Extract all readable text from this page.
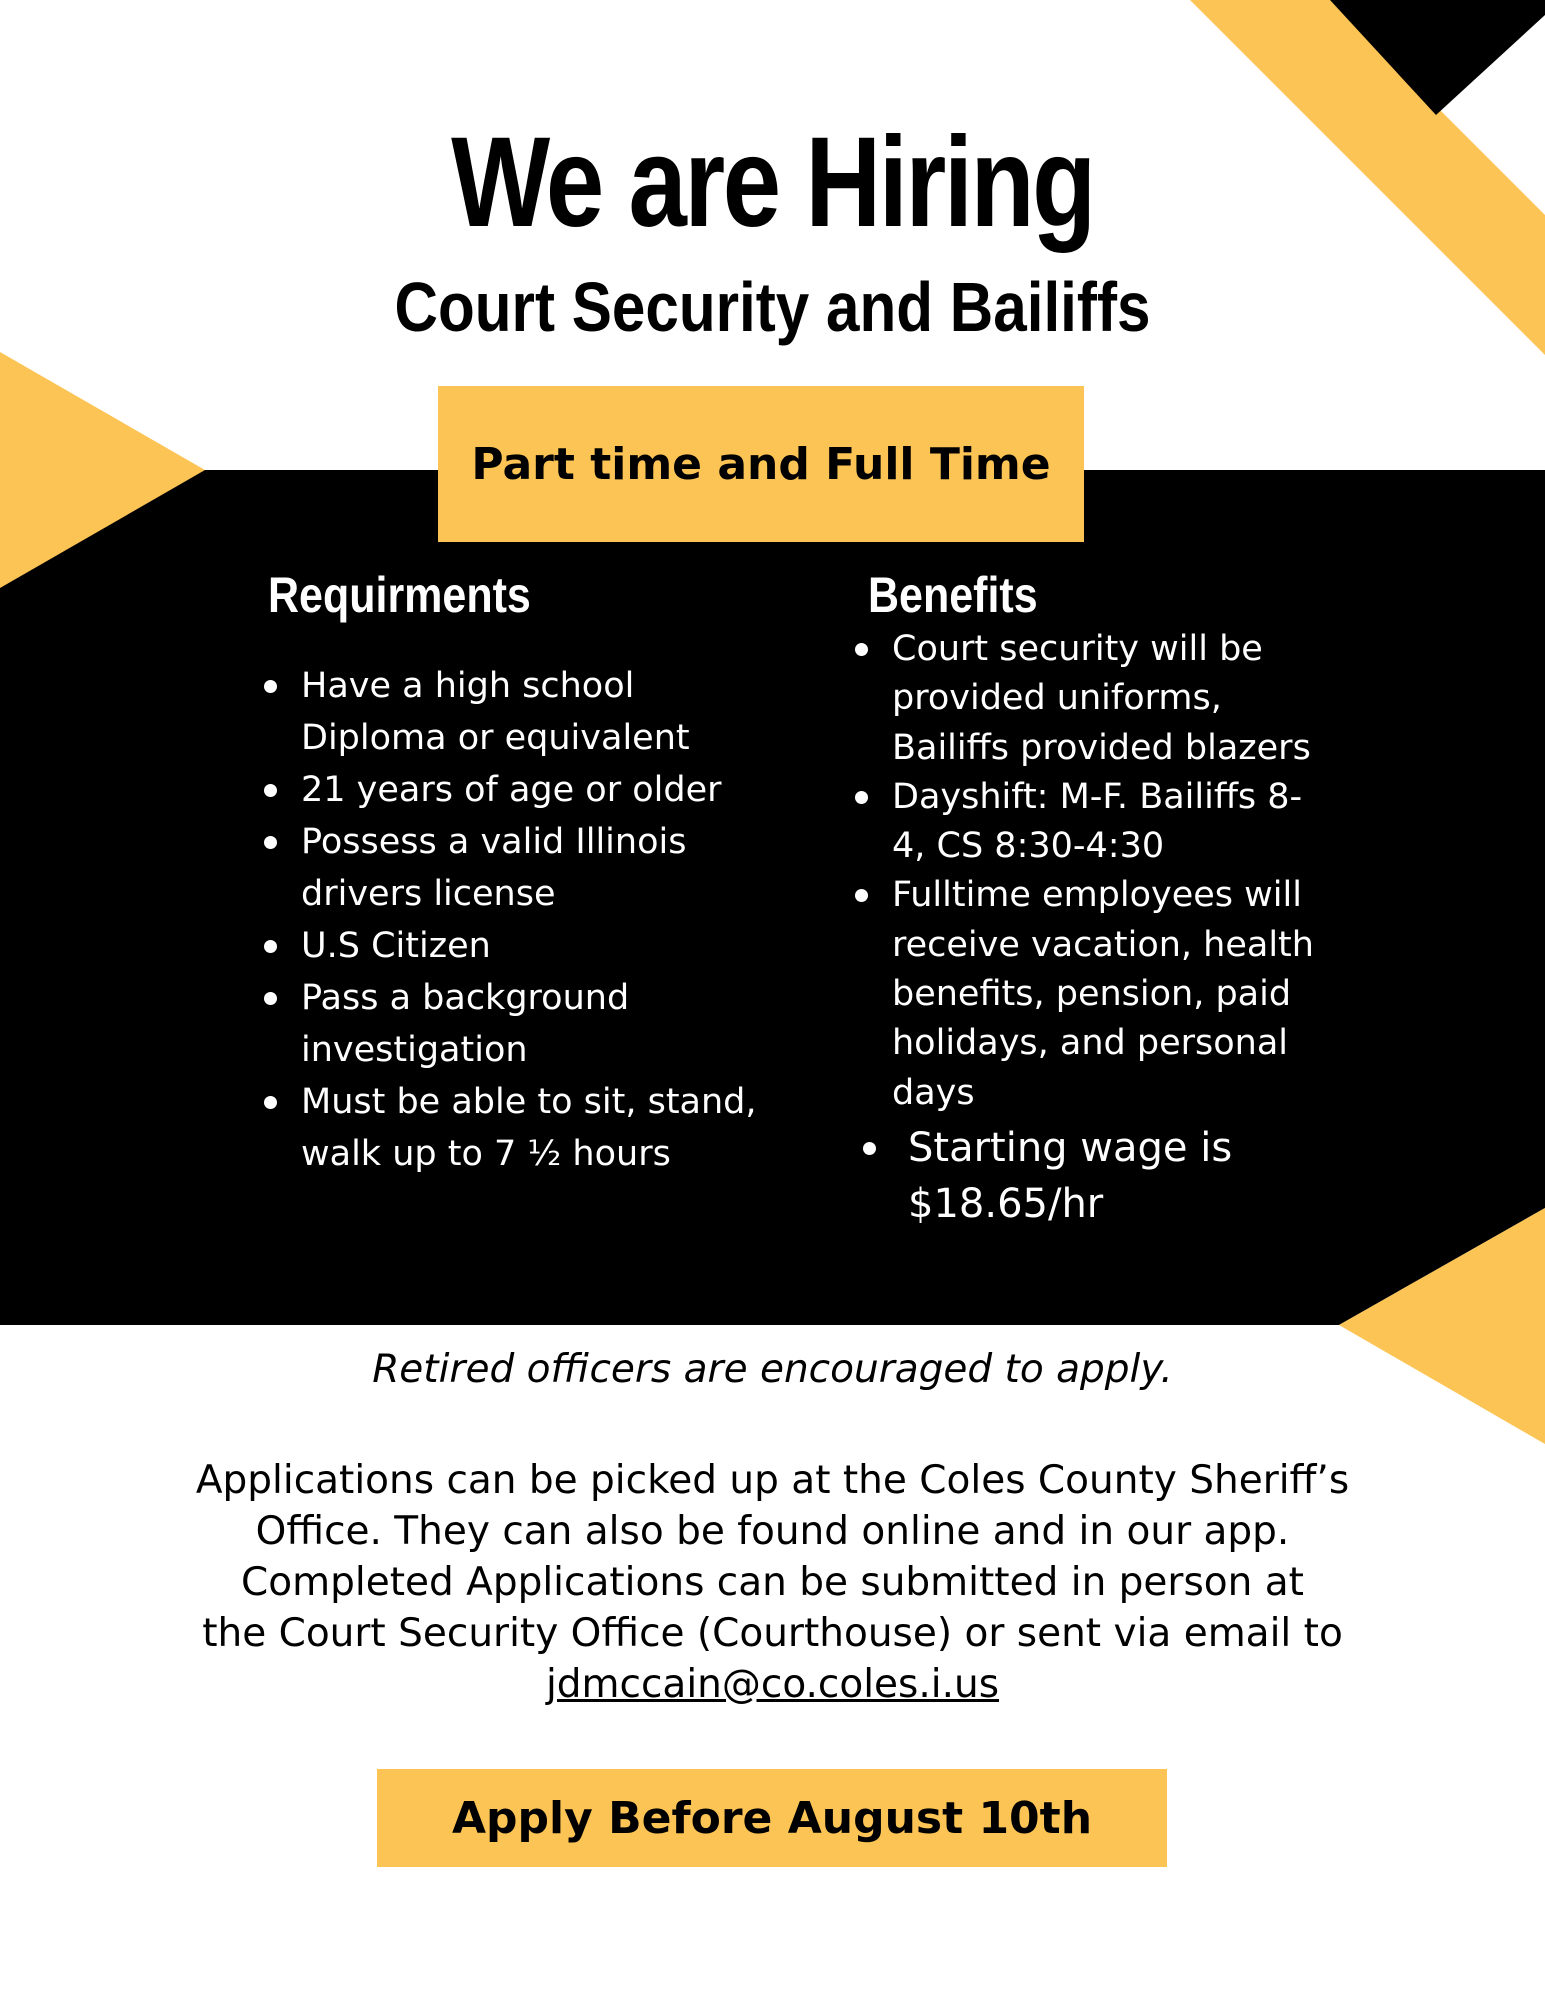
We are Hiring
Court Security and Bailiffs
Part time and Full Time
Requirments
Have a high school Diploma or equivalent
21 years of age or older
Possess a valid Illinois drivers license
U.S Citizen
Pass a background investigation
Must be able to sit, stand, walk up to 7 ½ hours
Benefits
Court security will be provided uniforms, Bailiffs provided blazers
Dayshift: M-F. Bailiffs 8-4, CS 8:30-4:30
Fulltime employees will receive vacation, health benefits, pension, paid holidays, and personal days
Starting wage is $18.65/hr
Retired officers are encouraged to apply.
Applications can be picked up at the Coles County Sheriff’s
Office. They can also be found online and in our app.
Completed Applications can be submitted in person at
the Court Security Office (Courthouse) or sent via email to
jdmccain@co.coles.i.us
Apply Before August 10th
